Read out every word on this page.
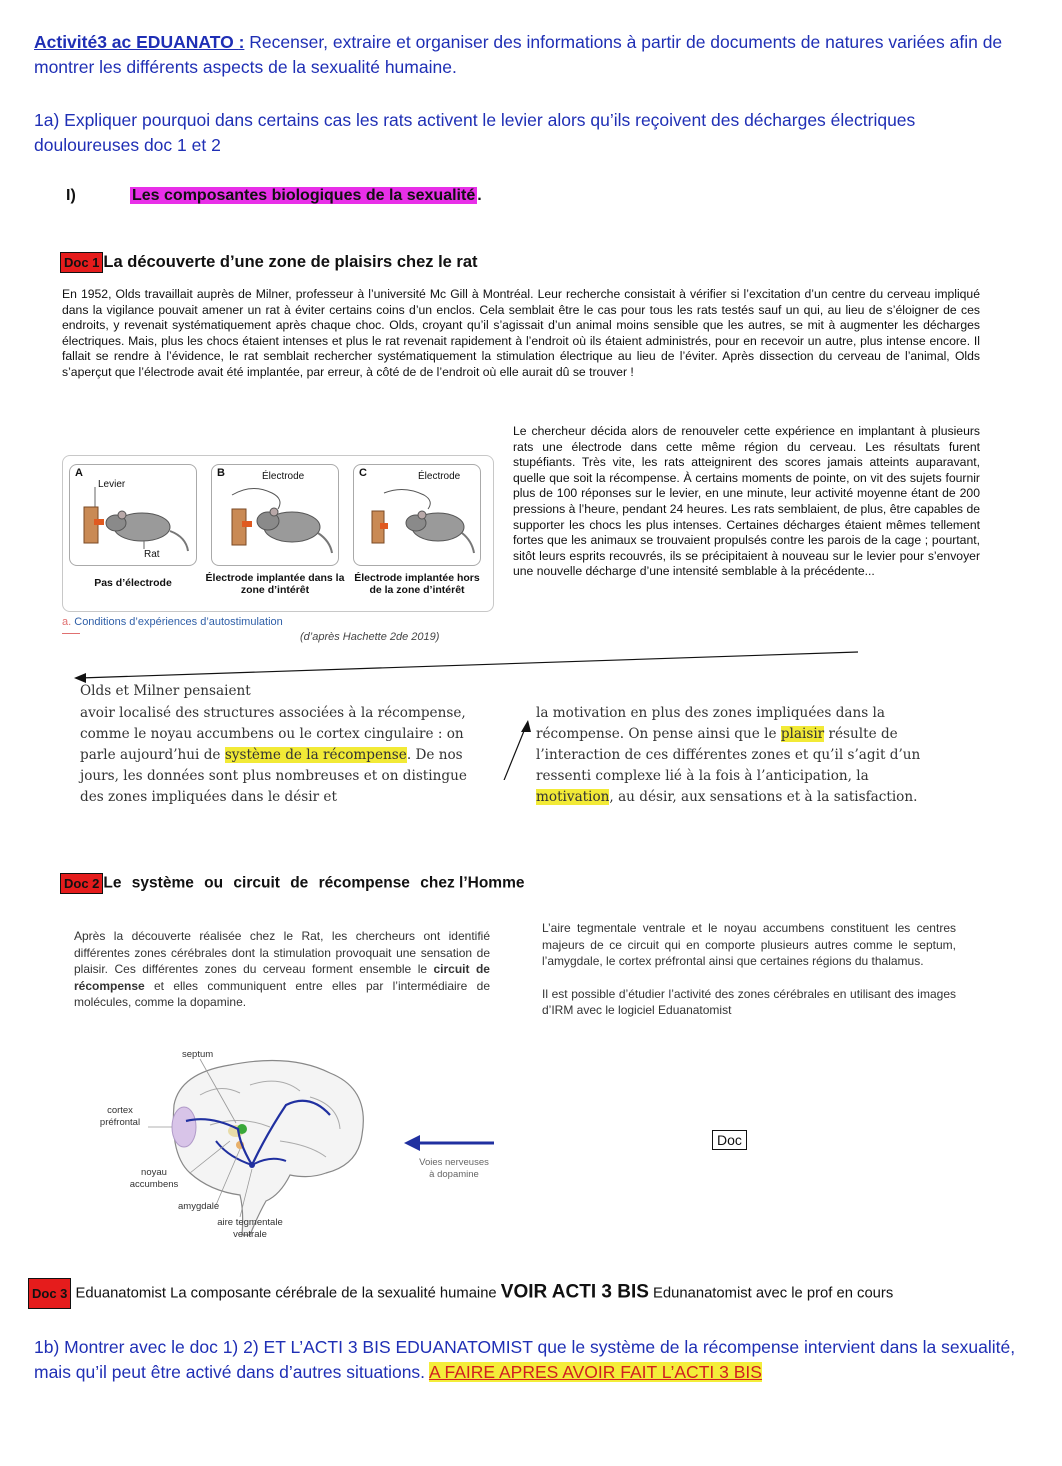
Activité3 ac EDUANATO : Recenser, extraire et organiser des informations à partir de documents de natures variées afin de montrer les différents aspects de la sexualité humaine.
1a) Expliquer pourquoi dans certains cas les rats activent le levier alors qu’ils reçoivent des décharges électriques douloureuses doc 1 et 2
I)	Les composantes biologiques de la sexualité .
Doc 1 La découverte d’une zone de plaisirs chez le rat
En 1952, Olds travaillait auprès de Milner, professeur à l’université Mc Gill à Montréal. Leur recherche consistait à vérifier si l’excitation d’un centre du cerveau impliqué dans la vigilance pouvait amener un rat à éviter certains coins d’un enclos. Cela semblait être le cas pour tous les rats testés sauf un qui, au lieu de s’éloigner de ces endroits, y revenait systématiquement après chaque choc. Olds, croyant qu’il s’agissait d’un animal moins sensible que les autres, se mit à augmenter les décharges électriques. Mais, plus les chocs étaient intenses et plus le rat revenait rapidement à l’endroit où ils étaient administrés, pour en recevoir un autre, plus intense encore. Il fallait se rendre à l’évidence, le rat semblait rechercher systématiquement la stimulation électrique au lieu de l’éviter. Après dissection du cerveau de l’animal, Olds s’aperçut que l’électrode avait été implantée, par erreur, à côté de de l’endroit où elle aurait dû se trouver !
Le chercheur décida alors de renouveler cette expérience en implantant à plusieurs rats une électrode dans cette même région du cerveau. Les résultats furent stupéfiants. Très vite, les rats atteignirent des scores jamais atteints auparavant, quelle que soit la récompense. À certains moments de pointe, on vit des sujets fournir plus de 100 réponses sur le levier, en une minute, leur activité moyenne étant de 200 pressions à l’heure, pendant 24 heures. Les rats semblaient, de plus, être capables de supporter les chocs les plus intenses. Certaines décharges étaient mêmes tellement fortes que les animaux se trouvaient propulsés contre les parois de la cage ; pourtant, sitôt leurs esprits recouvrés, ils se précipitaient à nouveau sur le levier pour s’envoyer une nouvelle décharge d’une intensité semblable à la précédente...
A
Levier
Rat
Pas d’électrode
B	Électrode
Électrode implantée dans la zone d’intérêt
C	Électrode
Électrode implantée hors de la zone d’intérêt
a. Conditions d’expériences d’autostimulation
(d’après Hachette 2de 2019)
Olds et Milner pensaient
avoir localisé des structures associées à la récompense, comme le noyau accumbens ou le cortex cingulaire : on parle aujourd’hui de système de la récompense. De nos jours, les données sont plus nombreuses et on distingue des zones impliquées dans le désir et
la motivation en plus des zones impliquées dans la récompense. On pense ainsi que le plaisir résulte de l’interaction de ces différentes zones et qu’il s’agit d’un ressenti complexe lié à la fois à l’anticipation, la motivation, au désir, aux sensations et à la satisfaction.
Doc 2 Le système ou circuit de récompense chez l’Homme
Après la découverte réalisée chez le Rat, les chercheurs ont identifié différentes zones cérébrales dont la stimulation provoquait une sensation de plaisir. Ces différentes zones du cerveau forment ensemble le circuit de récompense et elles communiquent entre elles par l’intermédiaire de molécules, comme la dopamine.
L’aire tegmentale ventrale et le noyau accumbens constituent les centres majeurs de ce circuit qui en comporte plusieurs autres comme le septum, l’amygdale, le cortex préfrontal ainsi que certaines régions du thalamus.
Il est possible d’étudier l’activité des zones cérébrales en utilisant des images d’IRM avec le logiciel Eduanatomist
septum
cortex
préfrontal
noyau
accumbens
amygdale
aire tegmentale
ventrale
Voies nerveuses
à dopamine
Doc
Doc 3 Eduanatomist La composante cérébrale de la sexualité humaine VOIR ACTI 3 BIS Edunanatomist avec le prof en cours
1b) Montrer avec le doc 1) 2) ET L’ACTI 3 BIS EDUANATOMIST que le système de la récompense intervient dans la sexualité, mais qu’il peut être activé dans d’autres situations. A FAIRE APRES AVOIR FAIT L’ACTI 3 BIS
